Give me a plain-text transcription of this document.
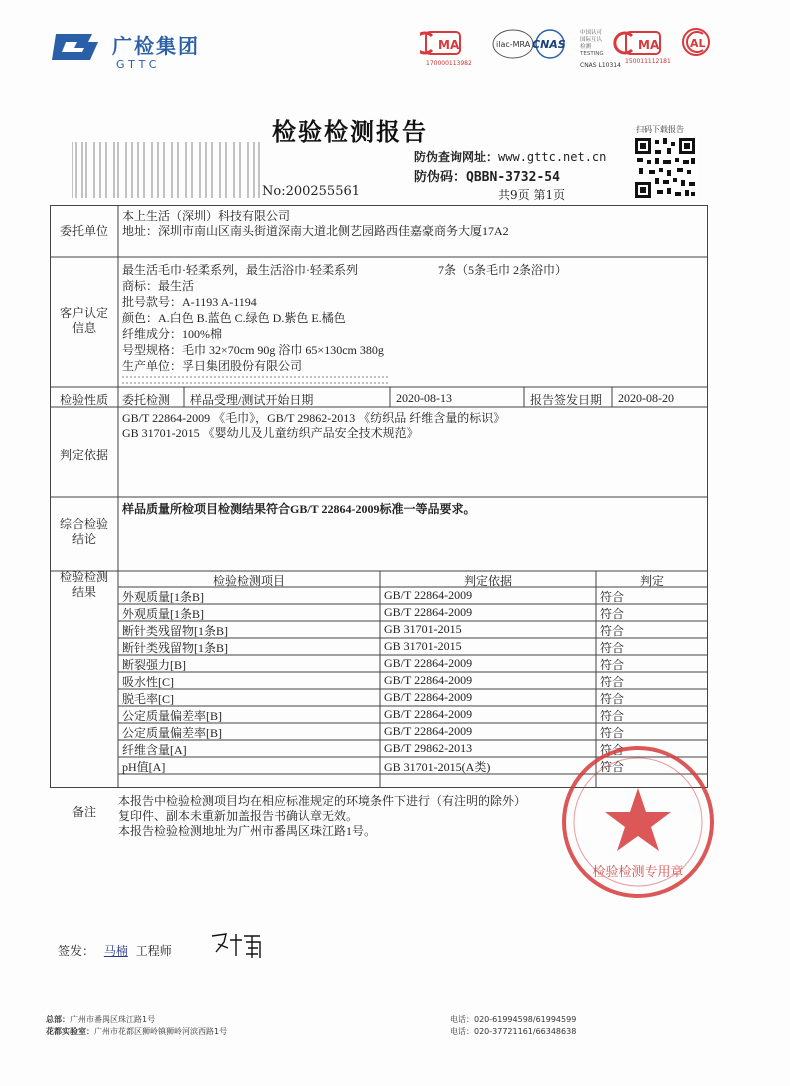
广检集团
GTTC
MA	ilac-MRA CNAS	MA	AL
170000113982
中国认可
国际互认
检测
TESTING
CNAS L10314
150011112181
检验检测报告
防伪查询网址：www.gttc.net.cn
防伪码：QBBN-3732-54
共9页 第1页
No:200255561
扫码下载报告
委托单位
本上生活（深圳）科技有限公司
地址：深圳市南山区南头街道深南大道北侧艺园路西佳嘉豪商务大厦17A2
客户认定
信息
最生活毛巾·轻柔系列，最生活浴巾·轻柔系列	7条（5条毛巾 2条浴巾）
商标：最生活
批号款号：A-1193 A-1194
颜色：A.白色 B.蓝色 C.绿色 D.紫色 E.橘色
纤维成分：100%棉
号型规格：毛巾 32×70cm 90g 浴巾 65×130cm 380g
生产单位：孚日集团股份有限公司
检验性质	委托检测 样品受理/测试开始日期	2020-08-13	报告签发日期 2020-08-20
判定依据
GB/T 22864-2009 《毛巾》，GB/T 29862-2013 《纺织品 纤维含量的标识》
GB 31701-2015 《婴幼儿及儿童纺织产品安全技术规范》
综合检验
结论
样品质量所检项目检测结果符合GB/T 22864-2009标准一等品要求。
检验检测
结果
检验检测项目	判定依据	判定
外观质量[1条B]	GB/T 22864-2009	符合
外观质量[1条B]	GB/T 22864-2009	符合
断针类残留物[1条B]	GB 31701-2015	符合
断针类残留物[1条B]	GB 31701-2015	符合
断裂强力[B]	GB/T 22864-2009	符合
吸水性[C]	GB/T 22864-2009	符合
脱毛率[C]	GB/T 22864-2009	符合
公定质量偏差率[B]	GB/T 22864-2009	符合
公定质量偏差率[B]	GB/T 22864-2009	符合
纤维含量[A]	GB/T 29862-2013	符合
pH值[A]	GB 31701-2015(A类)	符合
备注
本报告中检验检测项目均在相应标准规定的环境条件下进行（有注明的除外）
复印件、副本未重新加盖报告书确认章无效。
本报告检验检测地址为广州市番禺区珠江路1号。
检验检测专用章
签发： 马楠 工程师
总部：广州市番禺区珠江路1号
花都实验室：广州市花都区狮岭镇狮岭河滨西路1号
电话：020-61994598/61994599
电话：020-37721161/66348638
